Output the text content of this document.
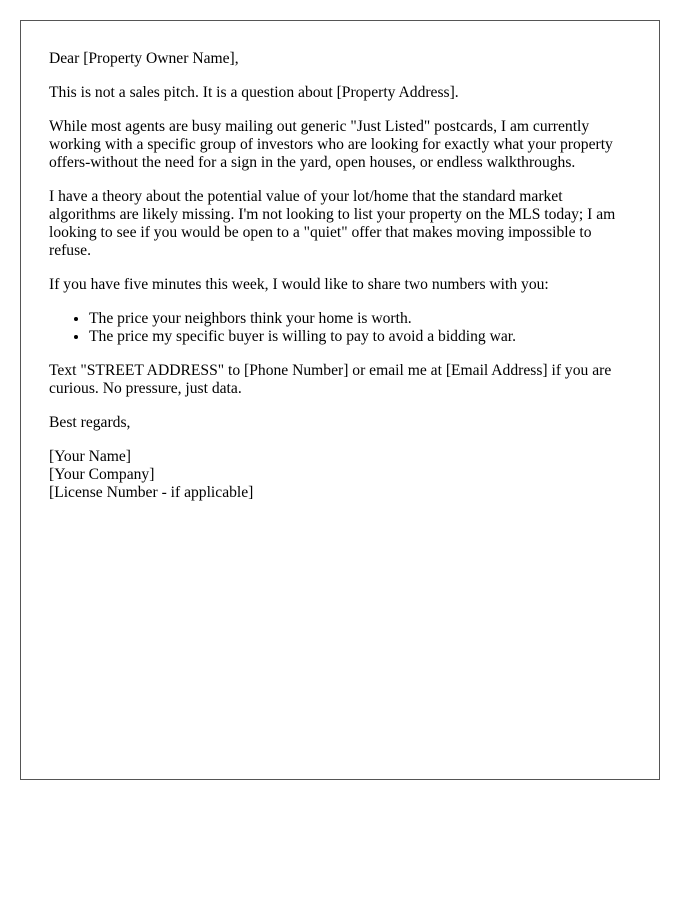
Dear [Property Owner Name],

This is not a sales pitch. It is a question about [Property Address].

While most agents are busy mailing out generic "Just Listed" postcards, I am currently working with a specific group of investors who are looking for exactly what your property offers-without the need for a sign in the yard, open houses, or endless walkthroughs.

I have a theory about the potential value of your lot/home that the standard market algorithms are likely missing. I'm not looking to list your property on the MLS today; I am looking to see if you would be open to a "quiet" offer that makes moving impossible to refuse.

If you have five minutes this week, I would like to share two numbers with you:

• The price your neighbors think your home is worth.
• The price my specific buyer is willing to pay to avoid a bidding war.

Text "STREET ADDRESS" to [Phone Number] or email me at [Email Address] if you are curious. No pressure, just data.

Best regards,

[Your Name]
[Your Company]
[License Number - if applicable]
